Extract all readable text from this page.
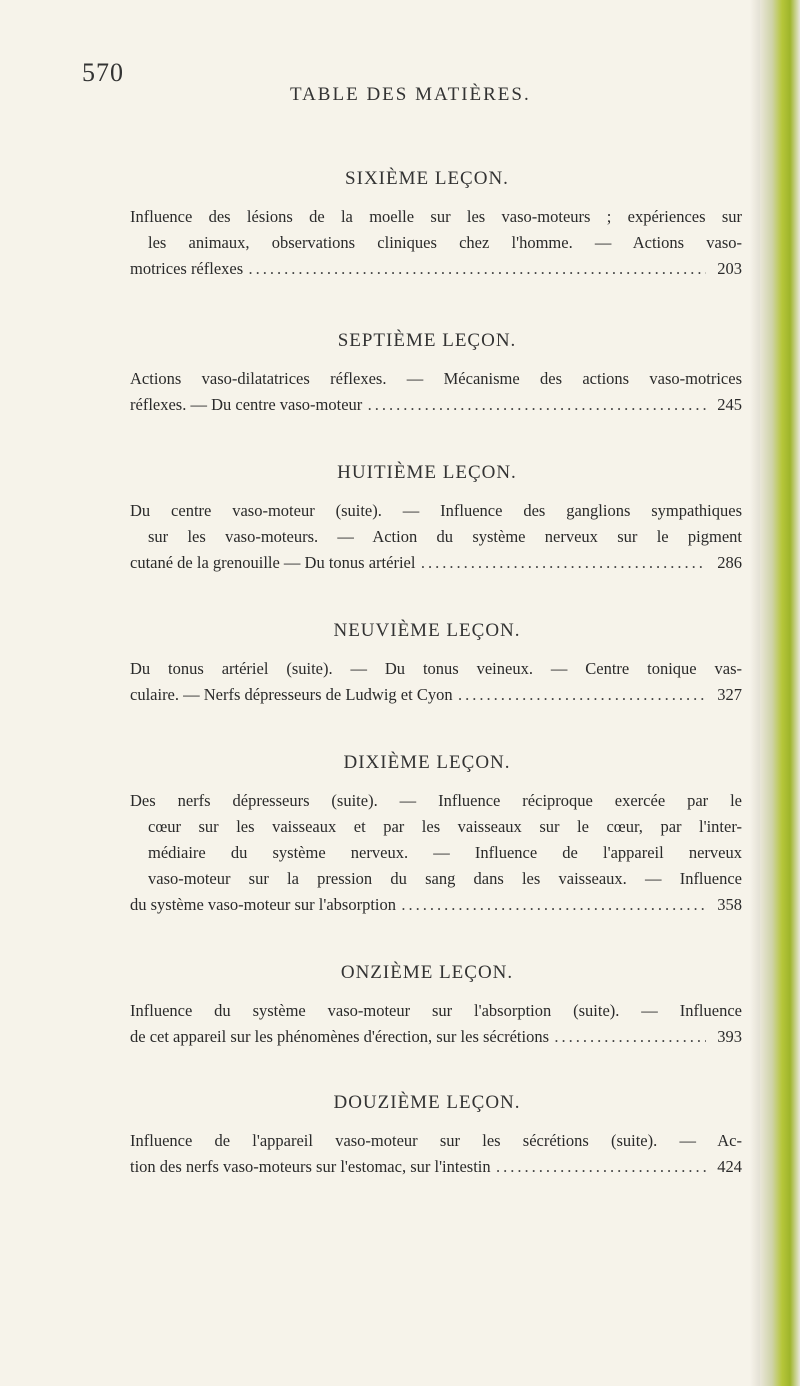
570
TABLE DES MATIÈRES.
SIXIÈME LEÇON.
Influence des lésions de la moelle sur les vaso-moteurs ; expériences sur
les animaux, observations cliniques chez l'homme. — Actions vaso-
motrices réflexes .....	203
SEPTIÈME LEÇON.
Actions vaso-dilatatrices réflexes. — Mécanisme des actions vaso-motrices
réflexes. — Du centre vaso-moteur .....	245
HUITIÈME LEÇON.
Du centre vaso-moteur (suite). — Influence des ganglions sympathiques
sur les vaso-moteurs. — Action du système nerveux sur le pigment
cutané de la grenouille — Du tonus artériel .....	286
NEUVIÈME LEÇON.
Du tonus artériel (suite). — Du tonus veineux. — Centre tonique vas-
culaire. — Nerfs dépresseurs de Ludwig et Cyon .....	327
DIXIÈME LEÇON.
Des nerfs dépresseurs (suite). — Influence réciproque exercée par le
cœur sur les vaisseaux et par les vaisseaux sur le cœur, par l'inter-
médiaire du système nerveux. — Influence de l'appareil nerveux
vaso-moteur sur la pression du sang dans les vaisseaux. — Influence
du système vaso-moteur sur l'absorption .....	358
ONZIÈME LEÇON.
Influence du système vaso-moteur sur l'absorption (suite). — Influence
de cet appareil sur les phénomènes d'érection, sur les sécrétions .....	393
DOUZIÈME LEÇON.
Influence de l'appareil vaso-moteur sur les sécrétions (suite). — Ac-
tion des nerfs vaso-moteurs sur l'estomac, sur l'intestin .....	424
